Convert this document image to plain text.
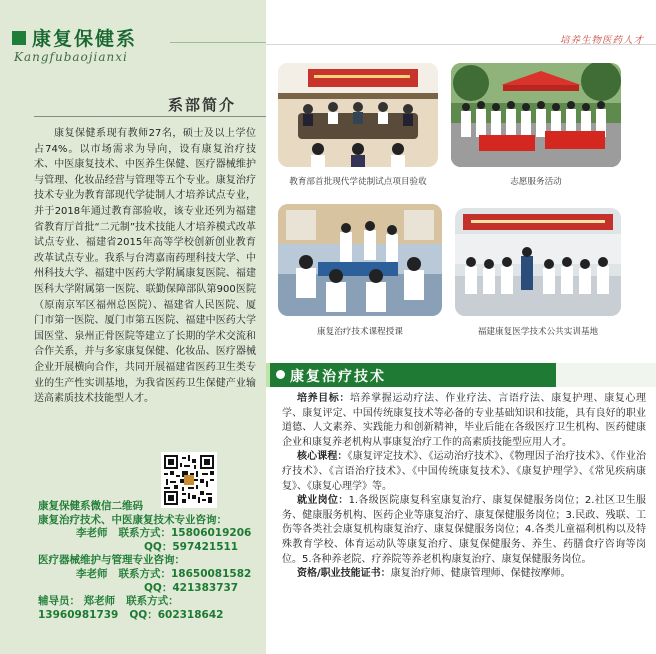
康复保健系
Kangfubaojianxi
系部简介
康复保健系现有教师27名，硕士及以上学位占74%。以市场需求为导向，设有康复治疗技术、中医康复技术、中医养生保健、医疗器械维护与管理、化妆品经营与管理等五个专业。康复治疗技术专业为教育部现代学徒制人才培养试点专业，并于2018年通过教育部验收，该专业还列为福建省教育厅首批“二元制”技术技能人才培养模式改革试点专业、福建省2015年高等学校创新创业教育改革试点专业。我系与台湾嘉南药理科技大学、中州科技大学、福建中医药大学附属康复医院、福建医科大学附属第一医院、联勤保障部队第900医院（原南京军区福州总医院）、福建省人民医院、厦门市第一医院、厦门市第五医院、福建中医药大学国医堂、泉州正骨医院等建立了长期的学术交流和合作关系，并与多家康复保健、化妆品、医疗器械企业开展横向合作，共同开展福建省医药卫生类专业的生产性实训基地，为我省医药卫生保健产业输送高素质技术技能型人才。
康复保健系微信二维码
康复治疗技术、中医康复技术专业咨询：
李老师 联系方式：15806019206
QQ：597421511
医疗器械维护与管理专业咨询：
李老师 联系方式：18650081582
QQ：421383737
辅导员： 郑老师 联系方式：
13960981739 QQ：602318642
培养生物医药人才
教育部首批现代学徒制试点项目验收	志愿服务活动
康复治疗技术课程授课	福建康复医学技术公共实训基地
康复治疗技术

培养目标：培养掌握运动疗法、作业疗法、言语疗法、康复护理、康复心理学、康复评定、中国传统康复技术等必备的专业基础知识和技能，具有良好的职业道德、人文素养、实践能力和创新精神，毕业后能在各级医疗卫生机构、医药健康企业和康复养老机构从事康复治疗工作的高素质技能型应用人才。

核心课程：《康复评定技术》、《运动治疗技术》、《物理因子治疗技术》、《作业治疗技术》、《言语治疗技术》、《中国传统康复技术》、《康复护理学》、《常见疾病康复》、《康复心理学》等。

就业岗位：1.各级医院康复科室康复治疗、康复保健服务岗位；2.社区卫生服务、健康服务机构、医药企业等康复治疗、康复保健服务岗位；3.民政、残联、工伤等各类社会康复机构康复治疗、康复保健服务岗位；4.各类儿童福利机构以及特殊教育学校、体育运动队等康复治疗、康复保健服务、养生、药膳食疗咨询等岗位。5.各种养老院、疗养院等养老机构康复治疗、康复保健服务岗位。

资格/职业技能证书：康复治疗师、健康管理师、保健按摩师。
